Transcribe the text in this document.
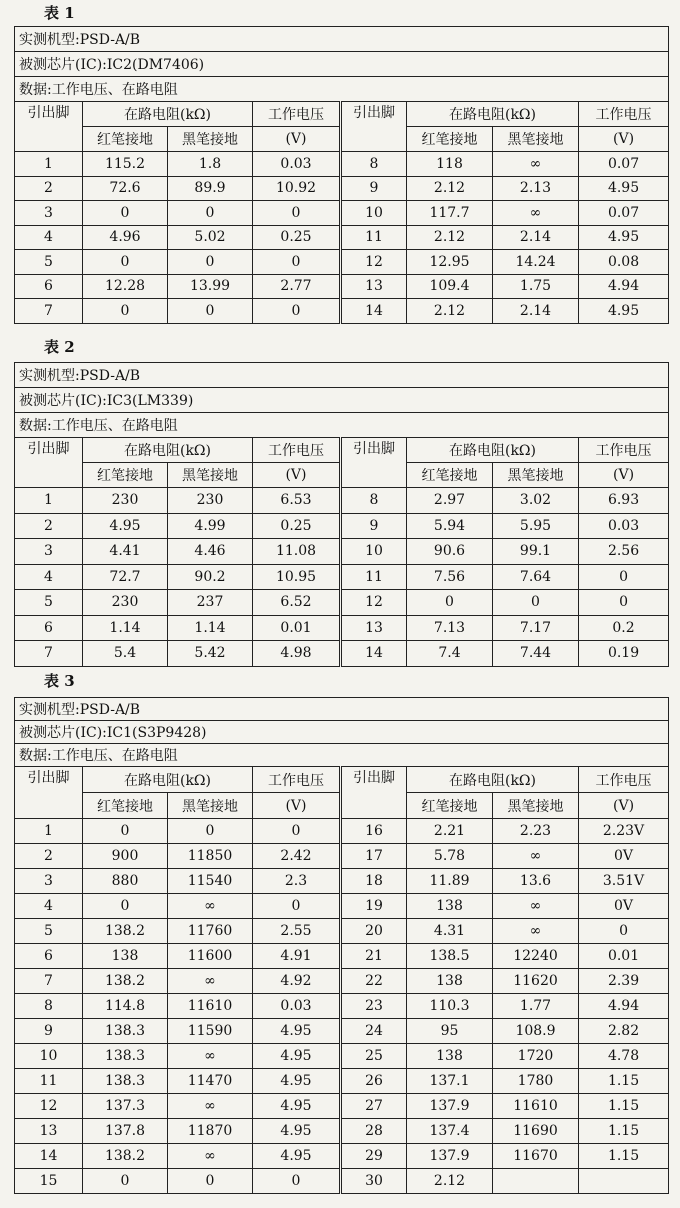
表 1
实测机型:PSD-A/B							
被测芯片(IC):IC2(DM7406)							
数据:工作电压、在路电阻							
引出脚	在路电阻(kΩ)		工作电压	引出脚	在路电阻(kΩ)		工作电压
	红笔接地	黑笔接地	(V)		红笔接地	黑笔接地	(V)
1	115.2	1.8	0.03	8	118	∞	0.07
2	72.6	89.9	10.92	9	2.12	2.13	4.95
3	0	0	0	10	117.7	∞	0.07
4	4.96	5.02	0.25	11	2.12	2.14	4.95
5	0	0	0	12	12.95	14.24	0.08
6	12.28	13.99	2.77	13	109.4	1.75	4.94
7	0	0	0	14	2.12	2.14	4.95
表 2
实测机型:PSD-A/B							
被测芯片(IC):IC3(LM339)							
数据:工作电压、在路电阻							
引出脚	在路电阻(kΩ)		工作电压	引出脚	在路电阻(kΩ)		工作电压
	红笔接地	黑笔接地	(V)		红笔接地	黑笔接地	(V)
1	230	230	6.53	8	2.97	3.02	6.93
2	4.95	4.99	0.25	9	5.94	5.95	0.03
3	4.41	4.46	11.08	10	90.6	99.1	2.56
4	72.7	90.2	10.95	11	7.56	7.64	0
5	230	237	6.52	12	0	0	0
6	1.14	1.14	0.01	13	7.13	7.17	0.2
7	5.4	5.42	4.98	14	7.4	7.44	0.19
表 3
实测机型:PSD-A/B							
被测芯片(IC):IC1(S3P9428)							
数据:工作电压、在路电阻							
引出脚	在路电阻(kΩ)		工作电压	引出脚	在路电阻(kΩ)		工作电压
	红笔接地	黑笔接地	(V)		红笔接地	黑笔接地	(V)
1	0	0	0	16	2.21	2.23	2.23V
2	900	11850	2.42	17	5.78	∞	0V
3	880	11540	2.3	18	11.89	13.6	3.51V
4	0	∞	0	19	138	∞	0V
5	138.2	11760	2.55	20	4.31	∞	0
6	138	11600	4.91	21	138.5	12240	0.01
7	138.2	∞	4.92	22	138	11620	2.39
8	114.8	11610	0.03	23	110.3	1.77	4.94
9	138.3	11590	4.95	24	95	108.9	2.82
10	138.3	∞	4.95	25	138	1720	4.78
11	138.3	11470	4.95	26	137.1	1780	1.15
12	137.3	∞	4.95	27	137.9	11610	1.15
13	137.8	11870	4.95	28	137.4	11690	1.15
14	138.2	∞	4.95	29	137.9	11670	1.15
15	0	0	0	30	2.12		
